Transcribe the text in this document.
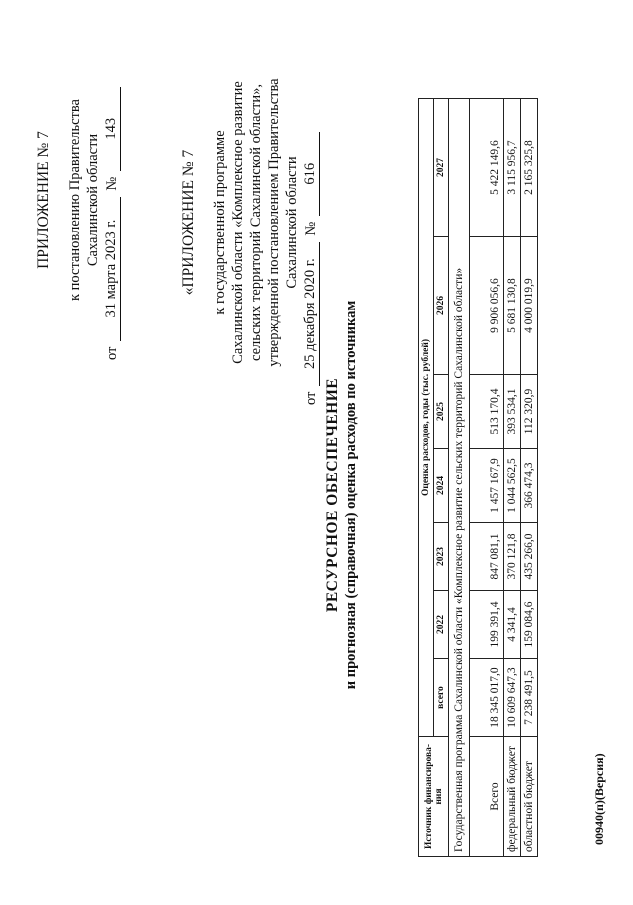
ПРИЛОЖЕНИЕ № 7 к постановлению Правительства Сахалинской области
от
31 марта 2023 г.
№
143
«ПРИЛОЖЕНИЕ № 7 к государственной программе Сахалинской области «Комплексное развитие сельских территорий Сахалинской области», утвержденной постановлением Правительства Сахалинской области
от
25 декабря 2020 г.
№
616
РЕСУРСНОЕ ОБЕСПЕЧЕНИЕ и прогнозная (справочная) оценка расходов по источникам
Источник финансирова-ния	Оценка расходов, годы (тыс. рублей)						
	всего	2022	2023	2024	2025	2026	2027
Государственная программа Сахалинской области «Комплексное развитие сельских территорий Сахалинской области»							
Всего	18 345 017,0	199 391,4	847 081,1	1 457 167,9	513 170,4	9 906 056,6	5 422 149,6
федеральный бюджет	10 609 647,3	4 341,4	370 121,8	1 044 562,5	393 534,1	5 681 130,8	3 115 956,7
областной бюджет	7 238 491,5	159 084,6	435 266,0	366 474,3	112 320,9	4 000 019,9	2 165 325,8
00940(п)(Версия)
